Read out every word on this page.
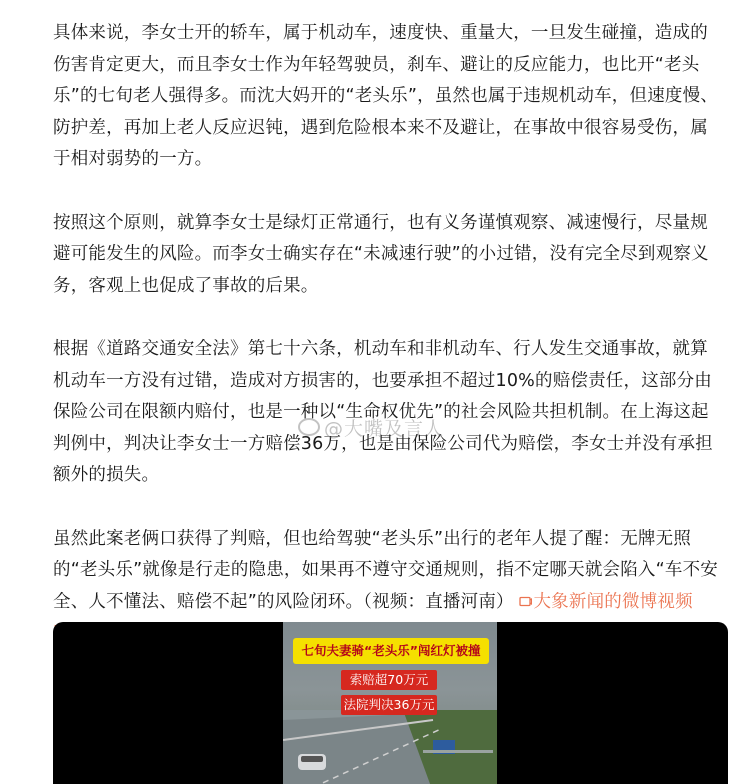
具体来说，李女士开的轿车，属于机动车，速度快、重量大，一旦发生碰撞，造成的伤害肯定更大，而且李女士作为年轻驾驶员，刹车、避让的反应能力，也比开“老头乐”的七旬老人强得多。而沈大妈开的“老头乐”，虽然也属于违规机动车，但速度慢、防护差，再加上老人反应迟钝，遇到危险根本来不及避让，在事故中很容易受伤，属于相对弱势的一方。

按照这个原则，就算李女士是绿灯正常通行，也有义务谨慎观察、减速慢行，尽量规避可能发生的风险。而李女士确实存在“未减速行驶”的小过错，没有完全尽到观察义务，客观上也促成了事故的后果。

根据《道路交通安全法》第七十六条，机动车和非机动车、行人发生交通事故，就算机动车一方没有过错，造成对方损害的，也要承担不超过10%的赔偿责任，这部分由保险公司在限额内赔付，也是一种以“生命权优先”的社会风险共担机制。在上海这起判例中，判决让李女士一方赔偿36万，也是由保险公司代为赔偿，李女士并没有承担额外的损失。

虽然此案老俩口获得了判赔，但也给驾驶“老头乐”出行的老年人提了醒：无牌无照的“老头乐”就像是行走的隐患，如果再不遵守交通规则，指不定哪天就会陷入“车不安全、人不懂法、赔偿不起”的风险闭环。（视频：直播河南） 大象新闻的微博视频

@大嘴及言人
七旬夫妻骑“老头乐”闯红灯被撞
索赔超70万元
法院判决36万元
